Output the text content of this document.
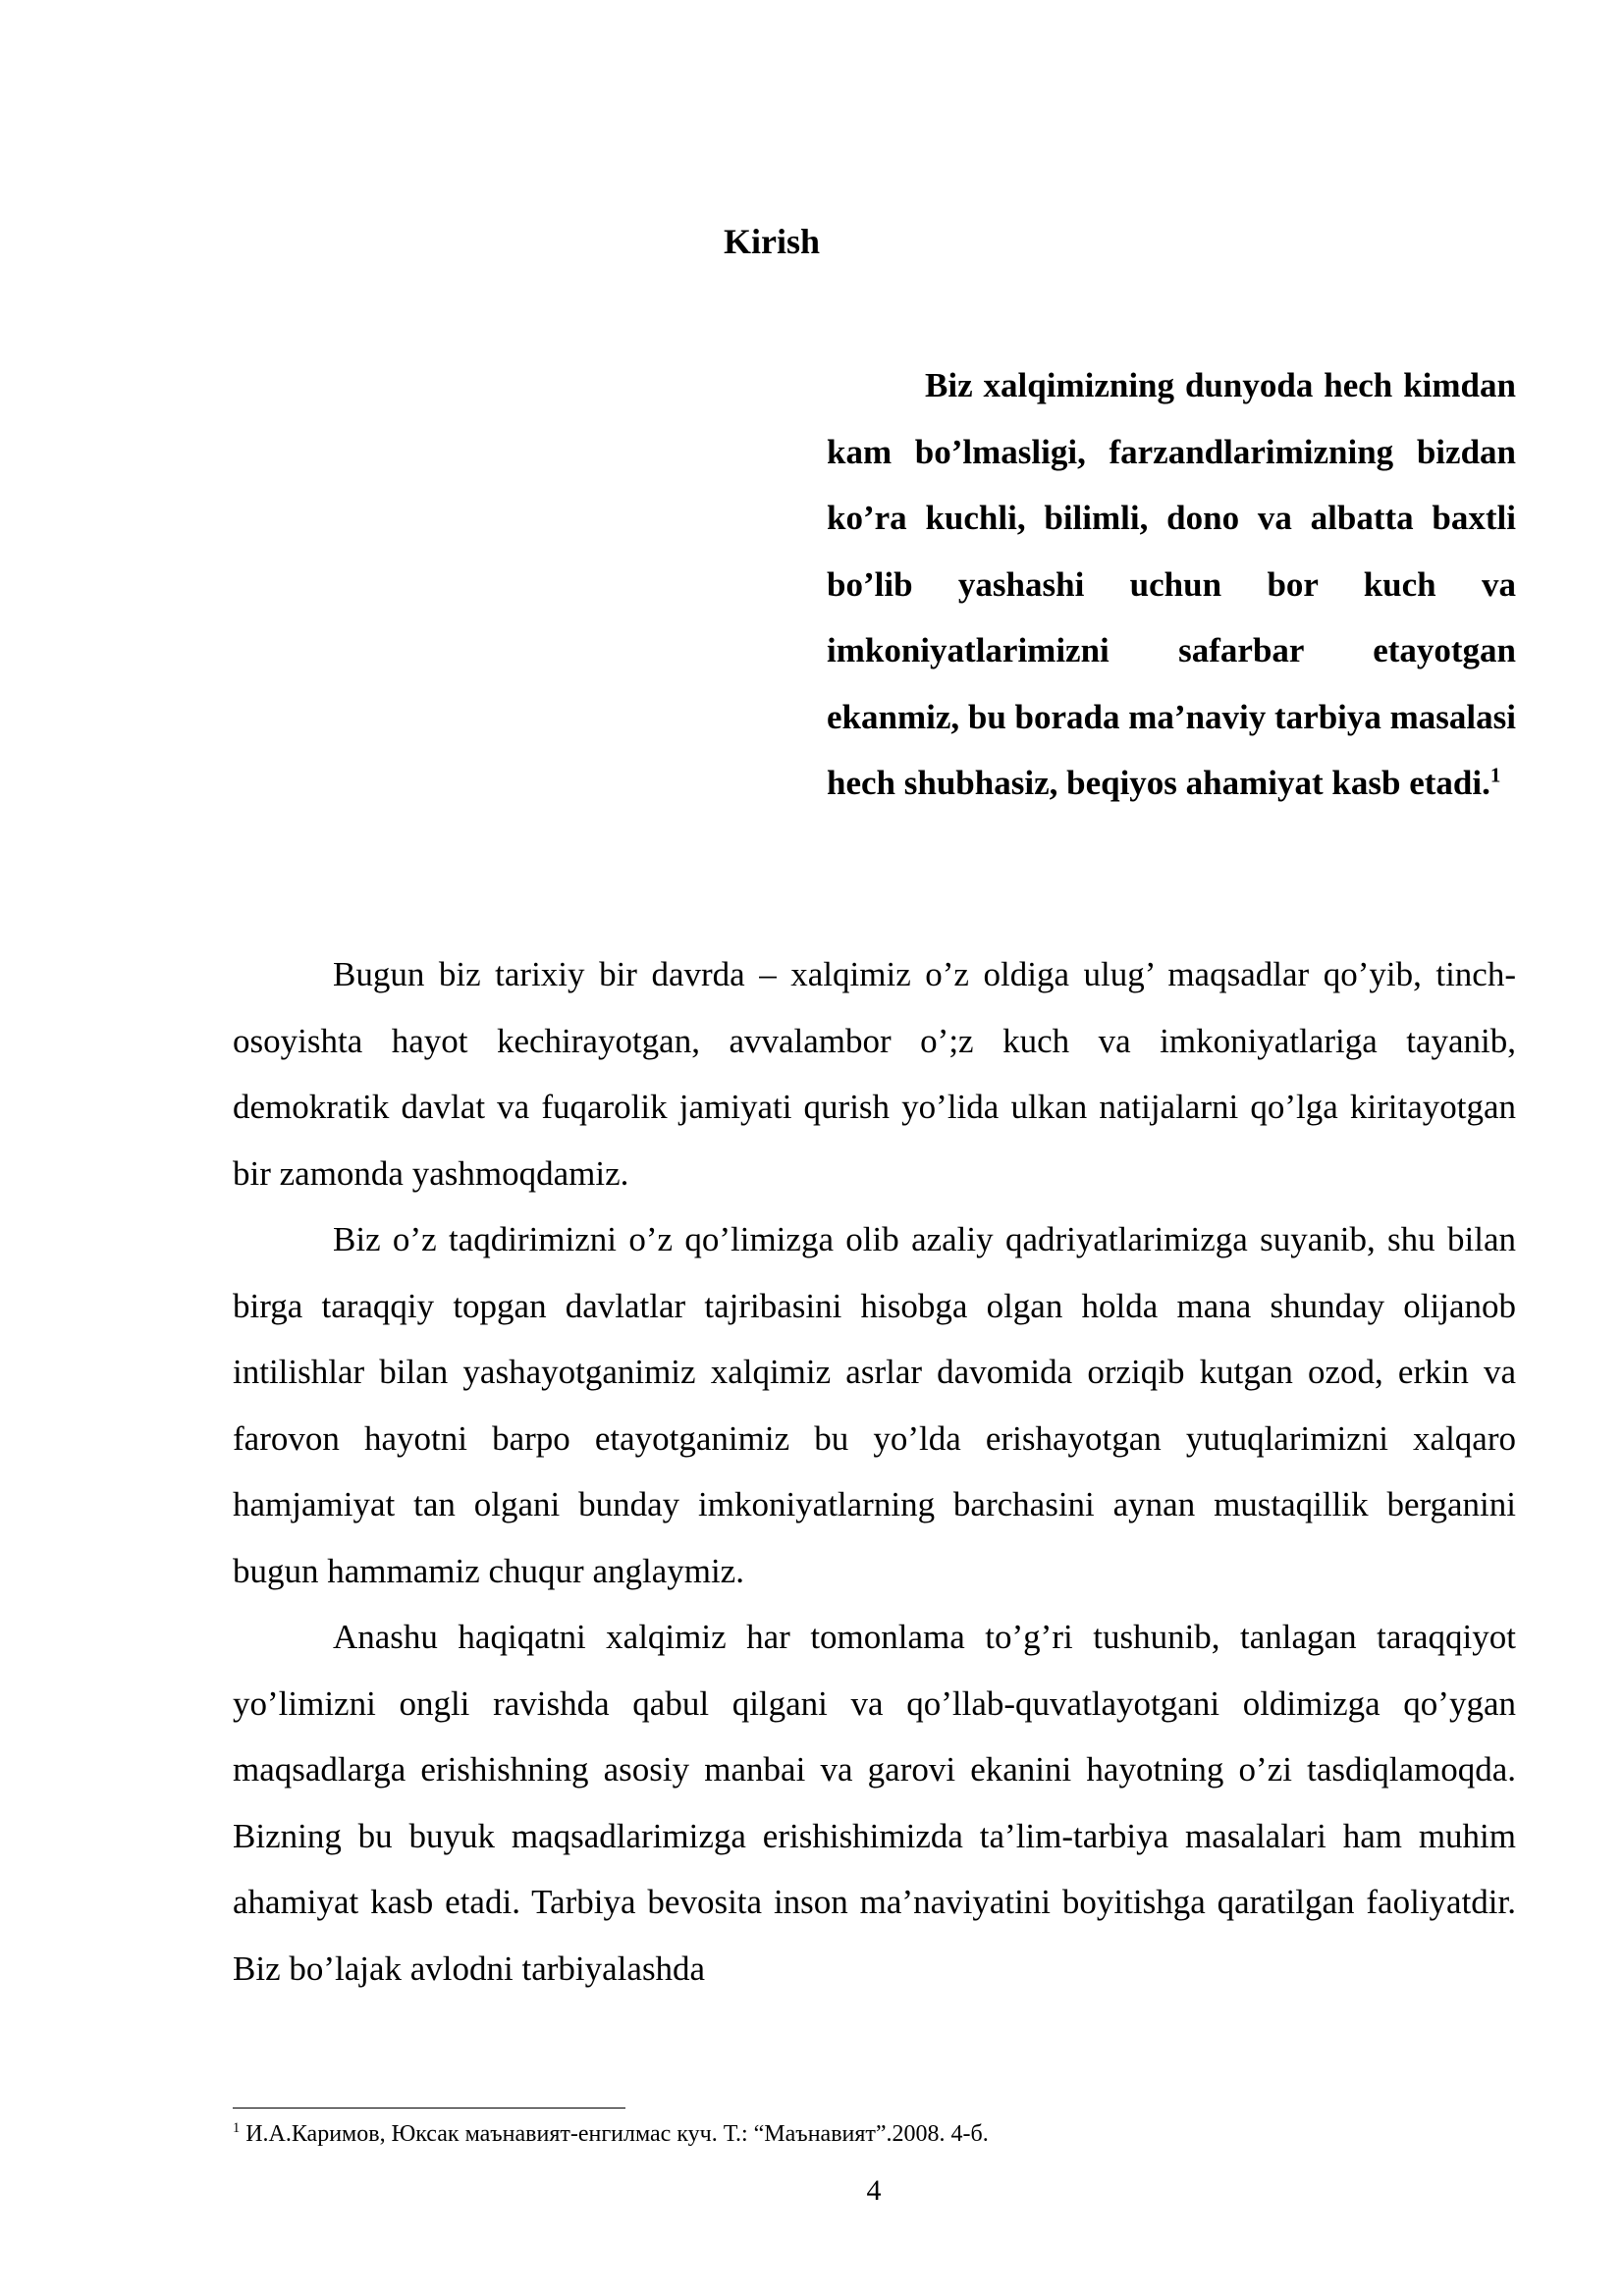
Kirish

Biz xalqimizning dunyoda hech kimdan kam bo’lmasligi, farzandlarimizning bizdan ko’ra kuchli, bilimli, dono va albatta baxtli bo’lib yashashi uchun bor kuch va imkoniyatlarimizni safarbar etayotgan ekanmiz, bu borada ma’naviy tarbiya masalasi hech shubhasiz, beqiyos ahamiyat kasb etadi.$^1$

Bugun biz tarixiy bir davrda – xalqimiz o’z oldiga ulug’ maqsadlar qo’yib, tinch-osoyishta hayot kechirayotgan, avvalambor o’;z kuch va imkoniyatlariga tayanib, demokratik davlat va fuqarolik jamiyati qurish yo’lida ulkan natijalarni qo’lga kiritayotgan bir zamonda yashmoqdamiz.

Biz o’z taqdirimizni o’z qo’limizga olib azaliy qadriyatlarimizga suyanib, shu bilan birga taraqqiy topgan davlatlar tajribasini hisobga olgan holda mana shunday olijanob intilishlar bilan yashayotganimiz xalqimiz asrlar davomida orziqib kutgan ozod, erkin va farovon hayotni barpo etayotganimiz bu yo’lda erishayotgan yutuqlarimizni xalqaro hamjamiyat tan olgani bunday imkoniyatlarning barchasini aynan mustaqillik berganini bugun hammamiz chuqur anglaymiz.

Anashu haqiqatni xalqimiz har tomonlama to’g’ri tushunib, tanlagan taraqqiyot yo’limizni ongli ravishda qabul qilgani va qo’llab-quvatlayotgani oldimizga qo’ygan maqsadlarga erishishning asosiy manbai va garovi ekanini hayotning o’zi tasdiqlamoqda. Bizning bu buyuk maqsadlarimizga erishishimizda ta’lim-tarbiya masalalari ham muhim ahamiyat kasb etadi. Tarbiya bevosita inson ma’naviyatini boyitishga qaratilgan faoliyatdir. Biz bo’lajak avlodni tarbiyalashda

$^1$ И.А.Каримов, Юксак маънавият-енгилмас куч. Т.: “Маънавият”.2008. 4-б.

4
